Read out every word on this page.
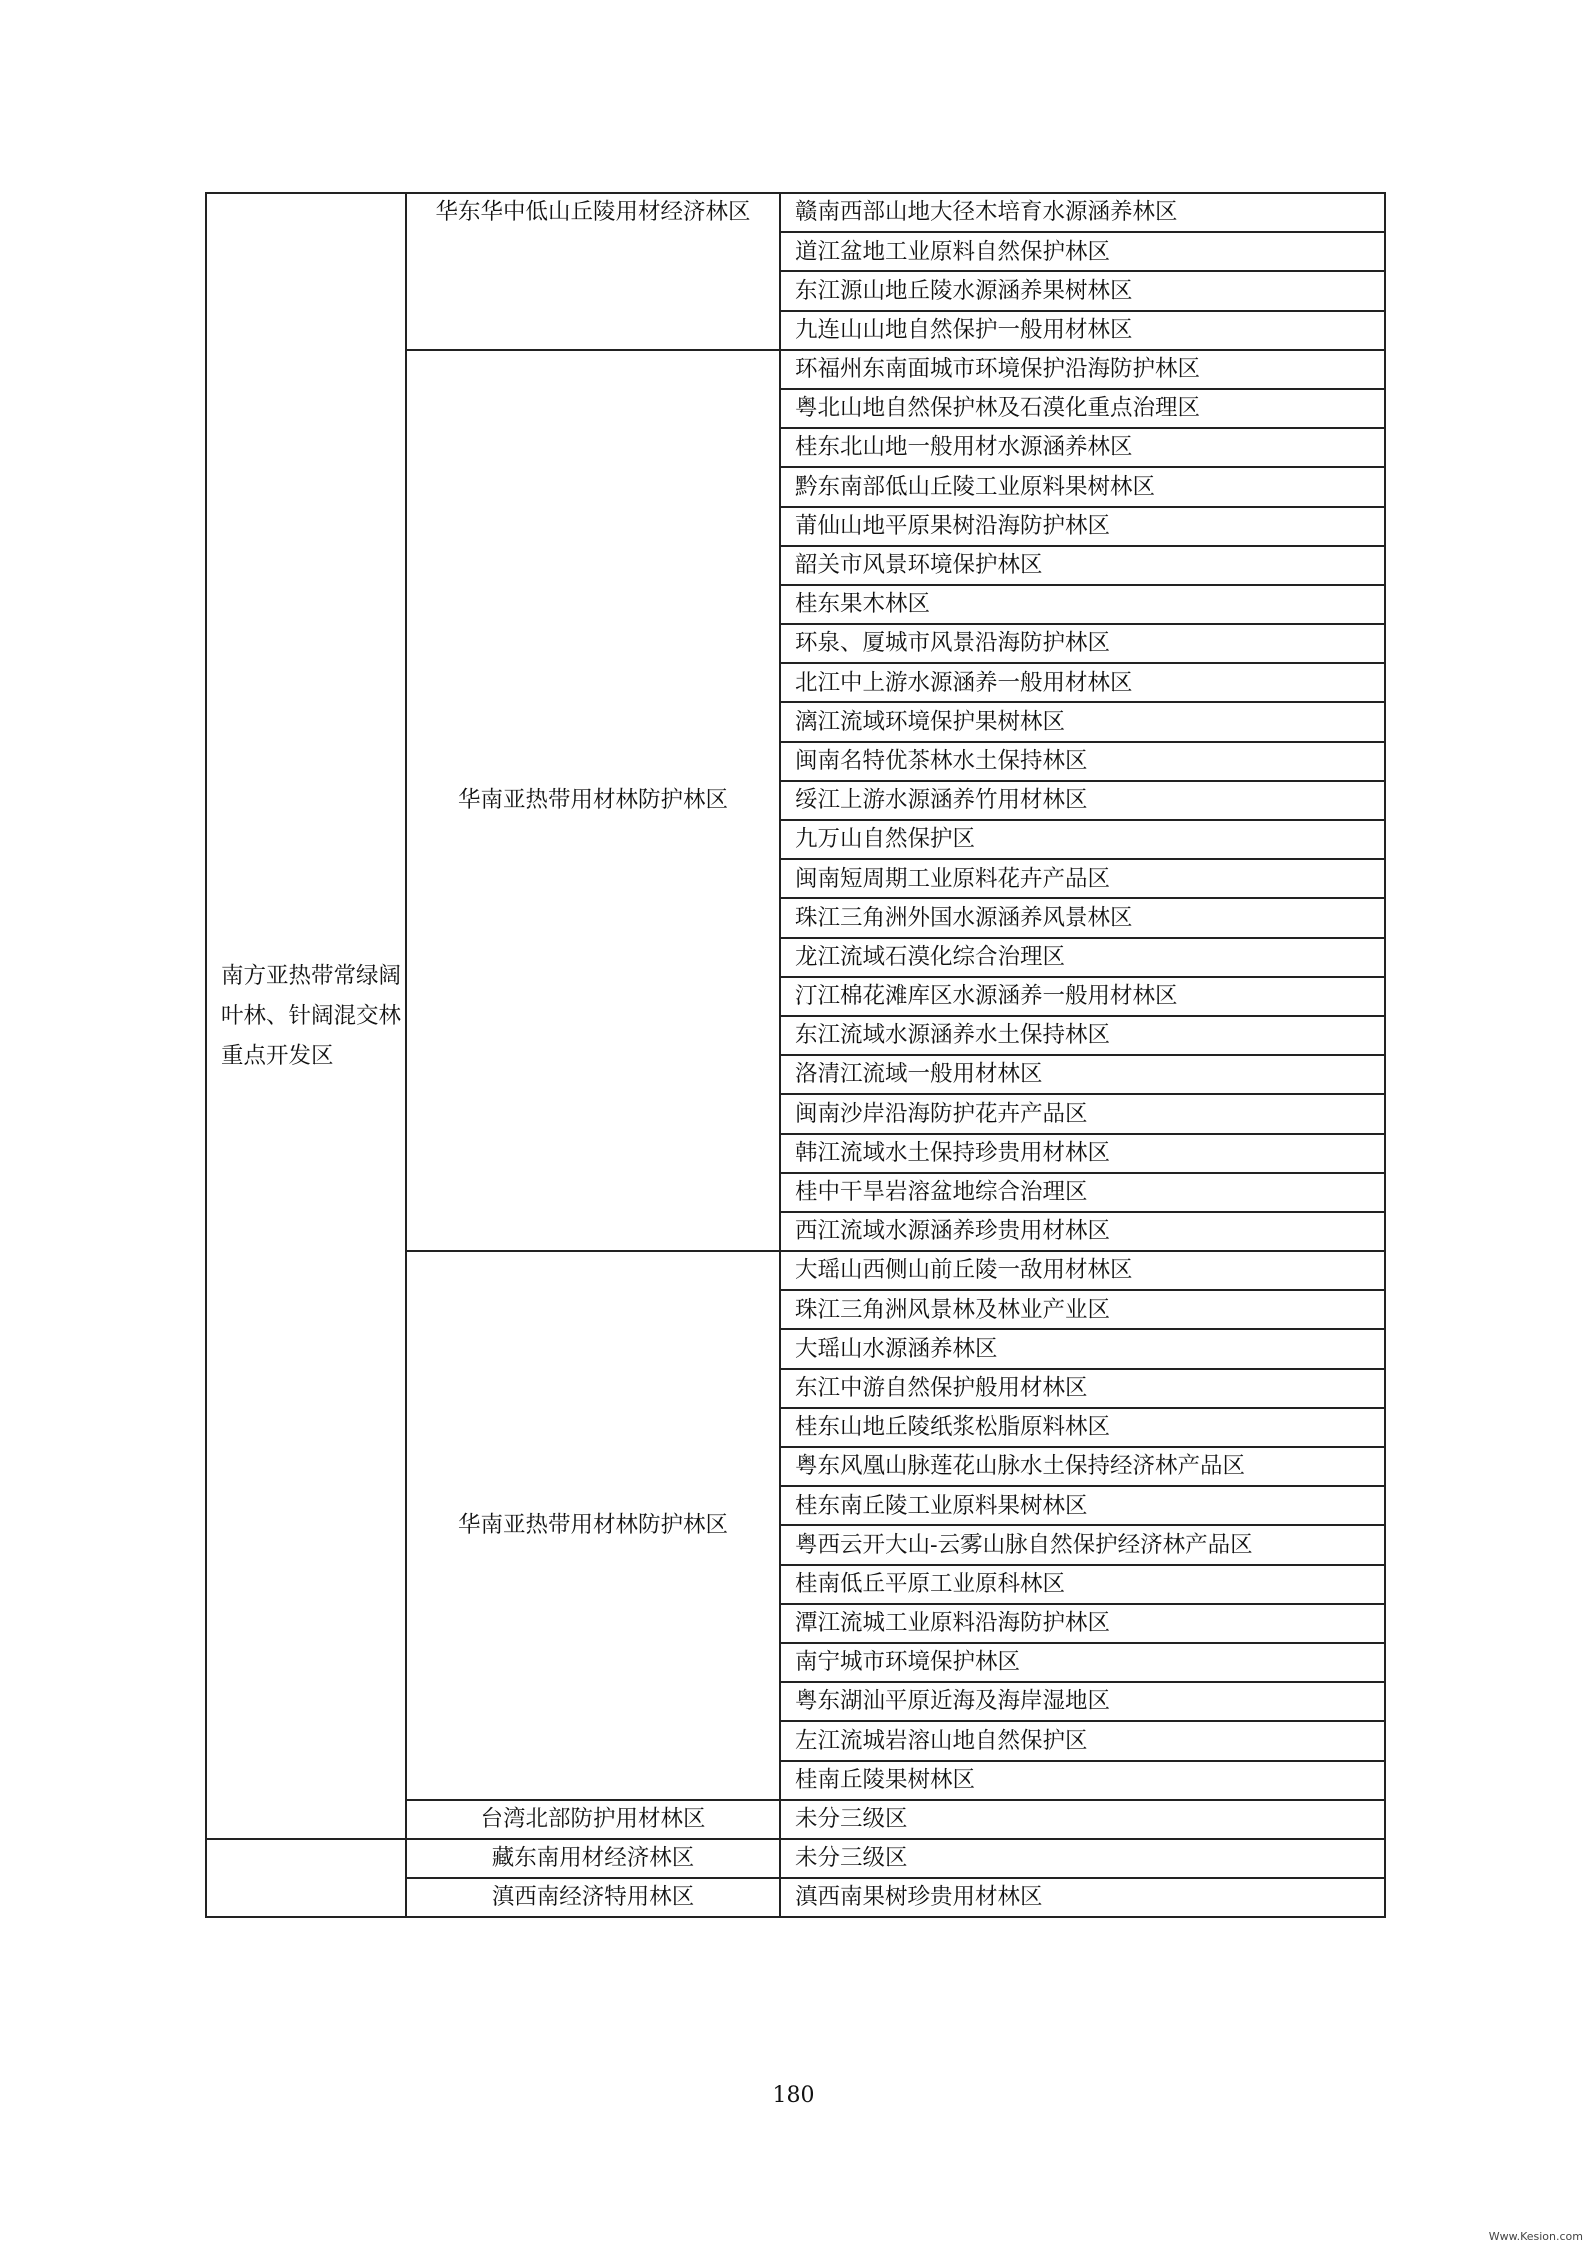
南方亚热带常绿阔叶林、针阔混交林重点开发区	华东华中低山丘陵用材经济林区	赣南西部山地大径木培育水源涵养林区
		道江盆地工业原料自然保护林区
		东江源山地丘陵水源涵养果树林区
		九连山山地自然保护一般用材林区
	华南亚热带用材林防护林区	环福州东南面城市环境保护沿海防护林区
		粤北山地自然保护林及石漠化重点治理区
		桂东北山地一般用材水源涵养林区
		黔东南部低山丘陵工业原料果树林区
		莆仙山地平原果树沿海防护林区
		韶关市风景环境保护林区
		桂东果木林区
		环泉、厦城市风景沿海防护林区
		北江中上游水源涵养一般用材林区
		漓江流域环境保护果树林区
		闽南名特优茶林水土保持林区
		绥江上游水源涵养竹用材林区
		九万山自然保护区
		闽南短周期工业原料花卉产品区
		珠江三角洲外国水源涵养风景林区
		龙江流域石漠化综合治理区
		汀江棉花滩库区水源涵养一般用材林区
		东江流域水源涵养水土保持林区
		洛清江流域一般用材林区
		闽南沙岸沿海防护花卉产品区
		韩江流域水土保持珍贵用材林区
		桂中干旱岩溶盆地综合治理区
		西江流域水源涵养珍贵用材林区
	华南亚热带用材林防护林区	大瑶山西侧山前丘陵一敌用材林区
		珠江三角洲风景林及林业产业区
		大瑶山水源涵养林区
		东江中游自然保护般用材林区
		桂东山地丘陵纸浆松脂原料林区
		粤东风凰山脉莲花山脉水土保持经济林产品区
		桂东南丘陵工业原料果树林区
		粤西云开大山-云雾山脉自然保护经济林产品区
		桂南低丘平原工业原科林区
		潭江流城工业原料沿海防护林区
		南宁城市环境保护林区
		粤东湖汕平原近海及海岸湿地区
		左江流城岩溶山地自然保护区
		桂南丘陵果树林区
	台湾北部防护用材林区	未分三级区
	藏东南用材经济林区	未分三级区
	滇西南经济特用林区	滇西南果树珍贵用材林区
180
Www.Kesion.com
